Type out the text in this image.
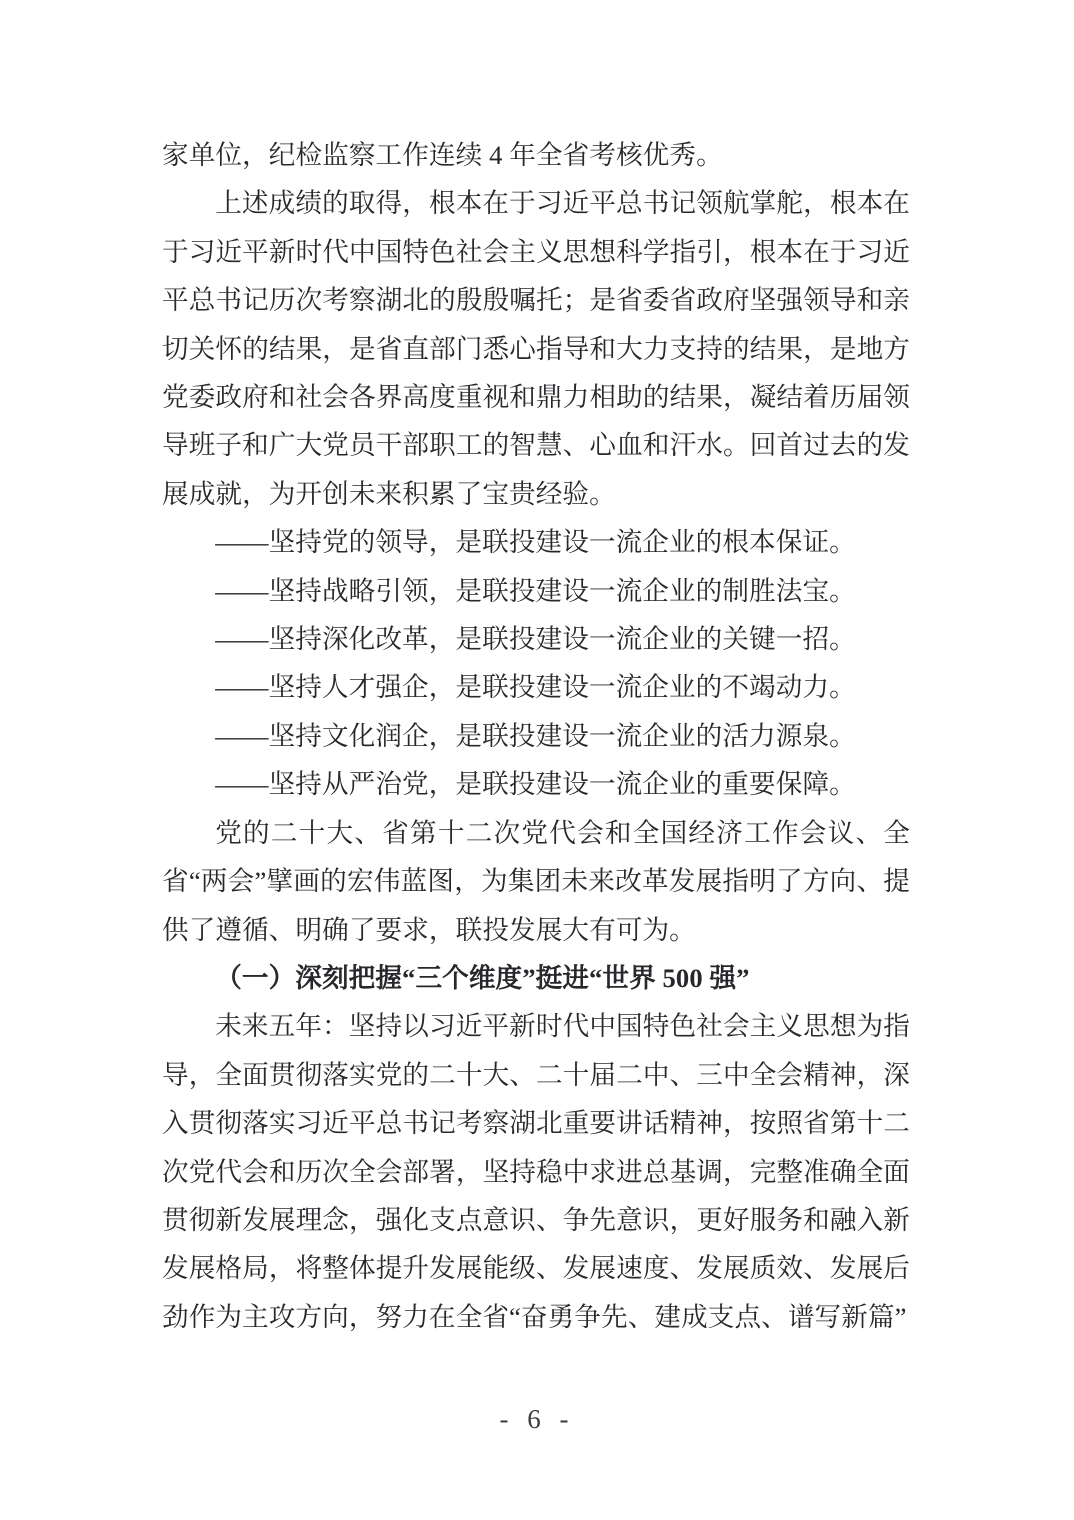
家单位，纪检监察工作连续 4 年全省考核优秀。

上述成绩的取得，根本在于习近平总书记领航掌舵，根本在于习近平新时代中国特色社会主义思想科学指引，根本在于习近平总书记历次考察湖北的殷殷嘱托；是省委省政府坚强领导和亲切关怀的结果，是省直部门悉心指导和大力支持的结果，是地方党委政府和社会各界高度重视和鼎力相助的结果，凝结着历届领导班子和广大党员干部职工的智慧、心血和汗水。回首过去的发展成就，为开创未来积累了宝贵经验。

——坚持党的领导，是联投建设一流企业的根本保证。

——坚持战略引领，是联投建设一流企业的制胜法宝。

——坚持深化改革，是联投建设一流企业的关键一招。

——坚持人才强企，是联投建设一流企业的不竭动力。

——坚持文化润企，是联投建设一流企业的活力源泉。

——坚持从严治党，是联投建设一流企业的重要保障。

党的二十大、省第十二次党代会和全国经济工作会议、全省“两会”擘画的宏伟蓝图，为集团未来改革发展指明了方向、提供了遵循、明确了要求，联投发展大有可为。

（一）深刻把握“三个维度”挺进“世界 500 强”

未来五年：坚持以习近平新时代中国特色社会主义思想为指导，全面贯彻落实党的二十大、二十届二中、三中全会精神，深入贯彻落实习近平总书记考察湖北重要讲话精神，按照省第十二次党代会和历次全会部署，坚持稳中求进总基调，完整准确全面贯彻新发展理念，强化支点意识、争先意识，更好服务和融入新发展格局，将整体提升发展能级、发展速度、发展质效、发展后劲作为主攻方向，努力在全省“奋勇争先、建成支点、谱写新篇”

- 6 -
